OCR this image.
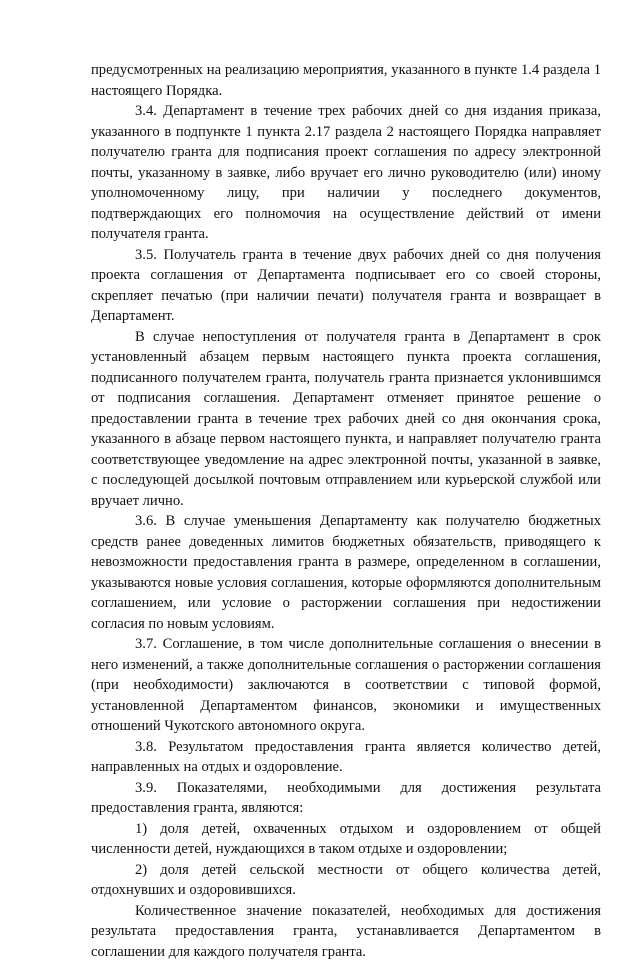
предусмотренных на реализацию мероприятия, указанного в пункте 1.4 раздела 1 настоящего Порядка.

3.4. Департамент в течение трех рабочих дней со дня издания приказа, указанного в подпункте 1 пункта 2.17 раздела 2 настоящего Порядка направляет получателю гранта для подписания проект соглашения по адресу электронной почты, указанному в заявке, либо вручает его лично руководителю (или) иному уполномоченному лицу, при наличии у последнего документов, подтверждающих его полномочия на осуществление действий от имени получателя гранта.

3.5. Получатель гранта в течение двух рабочих дней со дня получения проекта соглашения от Департамента подписывает его со своей стороны, скрепляет печатью (при наличии печати) получателя гранта и возвращает в Департамент.

В случае непоступления от получателя гранта в Департамент в срок установленный абзацем первым настоящего пункта проекта соглашения, подписанного получателем гранта, получатель гранта признается уклонившимся от подписания соглашения. Департамент отменяет принятое решение о предоставлении гранта в течение трех рабочих дней со дня окончания срока, указанного в абзаце первом настоящего пункта, и направляет получателю гранта соответствующее уведомление на адрес электронной почты, указанной в заявке, с последующей досылкой почтовым отправлением или курьерской службой или вручает лично.

3.6. В случае уменьшения Департаменту как получателю бюджетных средств ранее доведенных лимитов бюджетных обязательств, приводящего к невозможности предоставления гранта в размере, определенном в соглашении, указываются новые условия соглашения, которые оформляются дополнительным соглашением, или условие о расторжении соглашения при недостижении согласия по новым условиям.

3.7. Соглашение, в том числе дополнительные соглашения о внесении в него изменений, а также дополнительные соглашения о расторжении соглашения (при необходимости) заключаются в соответствии с типовой формой, установленной Департаментом финансов, экономики и имущественных отношений Чукотского автономного округа.

3.8. Результатом предоставления гранта является количество детей, направленных на отдых и оздоровление.

3.9. Показателями, необходимыми для достижения результата предоставления гранта, являются:

1) доля детей, охваченных отдыхом и оздоровлением от общей численности детей, нуждающихся в таком отдыхе и оздоровлении;

2) доля детей сельской местности от общего количества детей, отдохнувших и оздоровившихся.

Количественное значение показателей, необходимых для достижения результата предоставления гранта, устанавливается Департаментом в соглашении для каждого получателя гранта.
